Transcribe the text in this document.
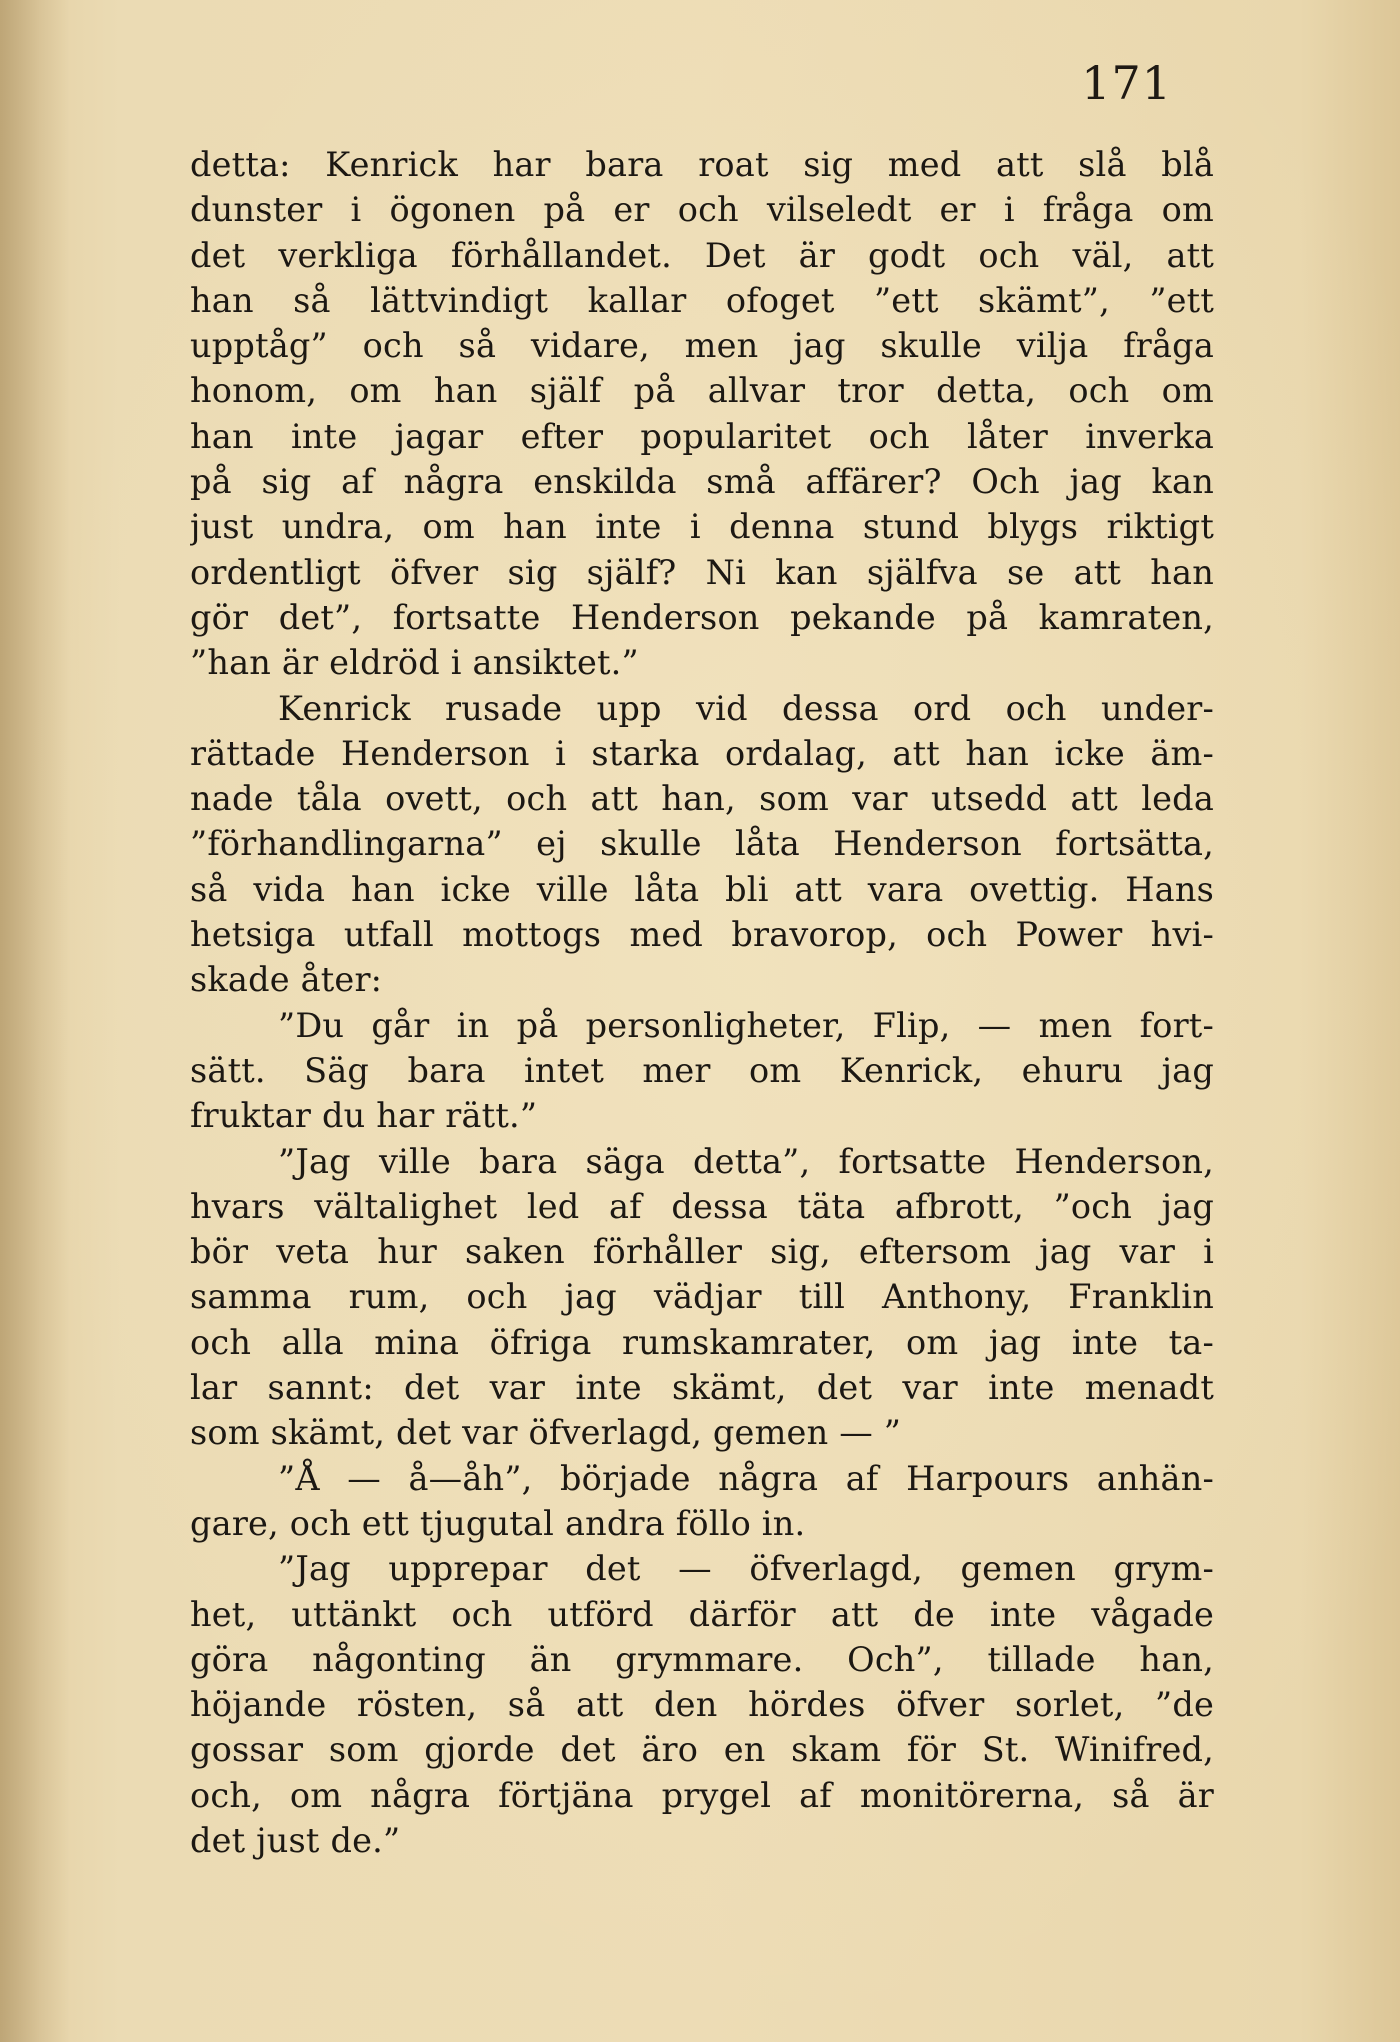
171
detta: Kenrick har bara roat sig med att slå blå
dunster i ögonen på er och vilseledt er i fråga om
det verkliga förhållandet. Det är godt och väl, att
han så lättvindigt kallar ofoget ”ett skämt”, ”ett
upptåg” och så vidare, men jag skulle vilja fråga
honom, om han själf på allvar tror detta, och om
han inte jagar efter popularitet och låter inverka
på sig af några enskilda små affärer? Och jag kan
just undra, om han inte i denna stund blygs riktigt
ordentligt öfver sig själf? Ni kan själfva se att han
gör det”, fortsatte Henderson pekande på kamraten,
”han är eldröd i ansiktet.”
Kenrick rusade upp vid dessa ord och under-
rättade Henderson i starka ordalag, att han icke äm-
nade tåla ovett, och att han, som var utsedd att leda
”förhandlingarna” ej skulle låta Henderson fortsätta,
så vida han icke ville låta bli att vara ovettig. Hans
hetsiga utfall mottogs med bravorop, och Power hvi-
skade åter:
”Du går in på personligheter, Flip, — men fort-
sätt. Säg bara intet mer om Kenrick, ehuru jag
fruktar du har rätt.”
”Jag ville bara säga detta”, fortsatte Henderson,
hvars vältalighet led af dessa täta afbrott, ”och jag
bör veta hur saken förhåller sig, eftersom jag var i
samma rum, och jag vädjar till Anthony, Franklin
och alla mina öfriga rumskamrater, om jag inte ta-
lar sannt: det var inte skämt, det var inte menadt
som skämt, det var öfverlagd, gemen — ”
”Å — å—åh”, började några af Harpours anhän-
gare, och ett tjugutal andra föllo in.
”Jag upprepar det — öfverlagd, gemen grym-
het, uttänkt och utförd därför att de inte vågade
göra någonting än grymmare. Och”, tillade han,
höjande rösten, så att den hördes öfver sorlet, ”de
gossar som gjorde det äro en skam för St. Winifred,
och, om några förtjäna prygel af monitörerna, så är
det just de.”
